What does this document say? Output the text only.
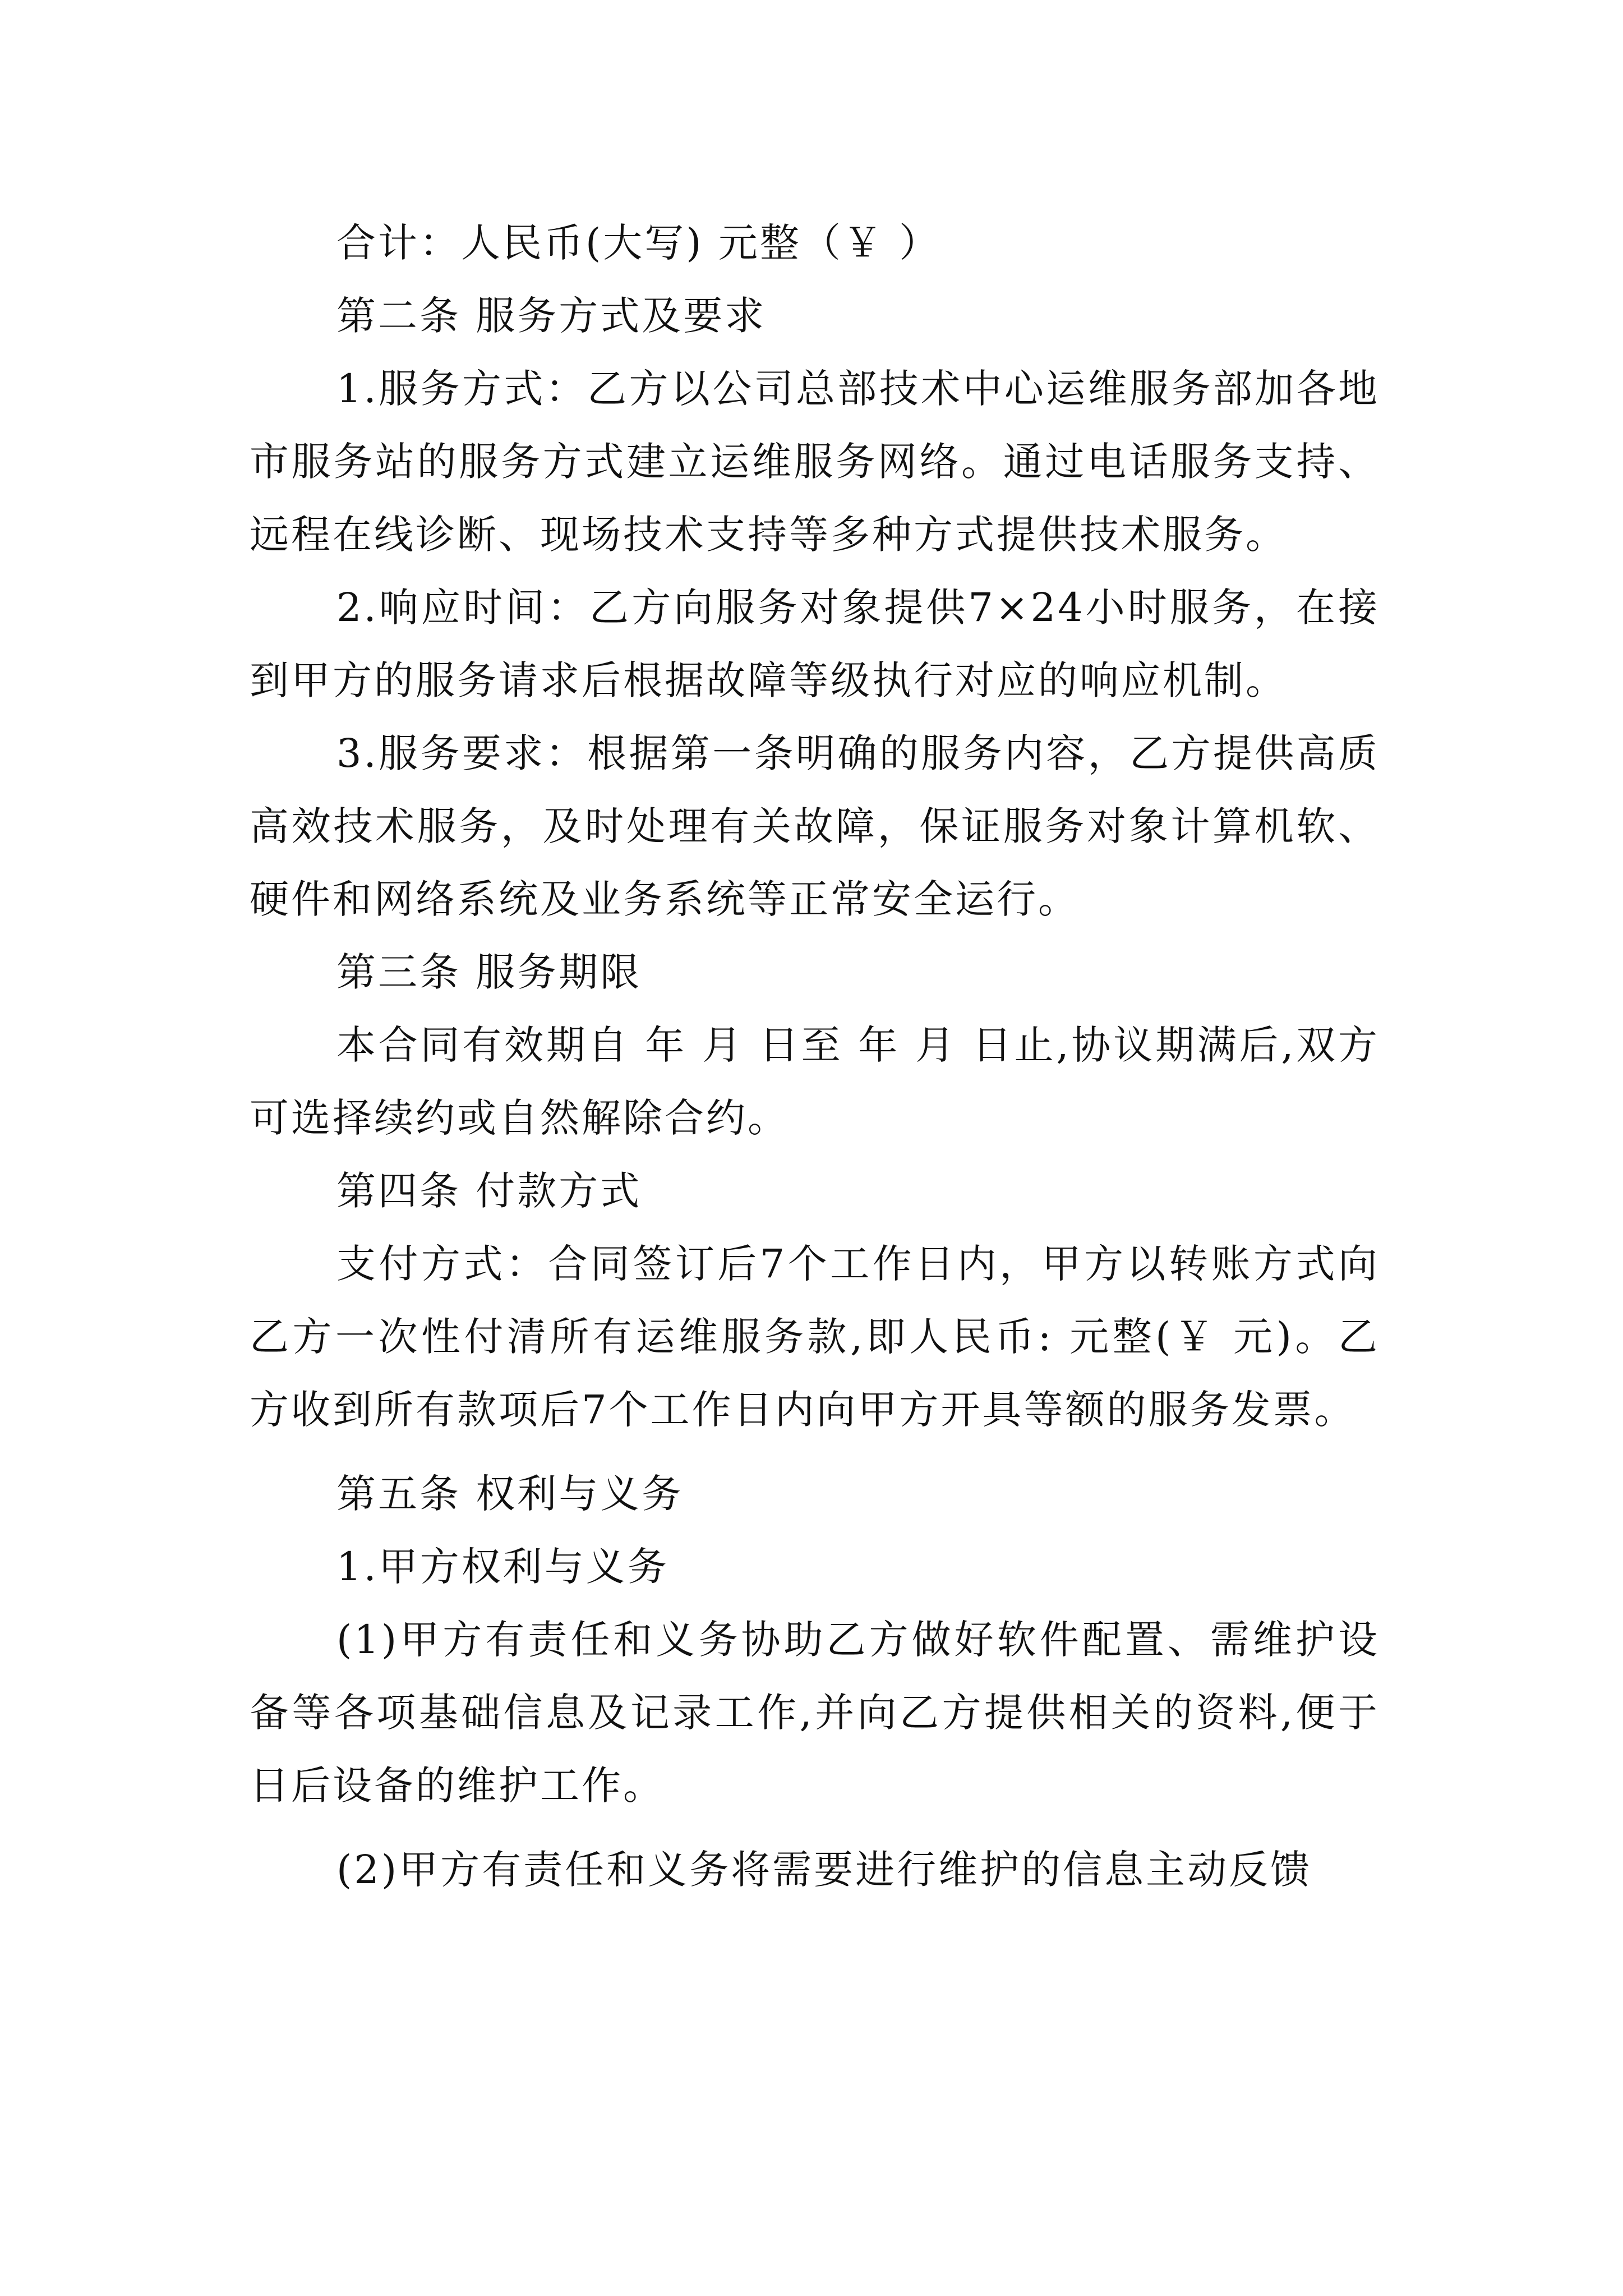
合计：人民币(大写) 元整（￥ ）

第二条 服务方式及要求

1.服务方式：乙方以公司总部技术中心运维服务部加各地市服务站的服务方式建立运维服务网络。通过电话服务支持、远程在线诊断、现场技术支持等多种方式提供技术服务。

2.响应时间：乙方向服务对象提供7×24小时服务，在接到甲方的服务请求后根据故障等级执行对应的响应机制。

3.服务要求：根据第一条明确的服务内容，乙方提供高质高效技术服务，及时处理有关故障，保证服务对象计算机软、硬件和网络系统及业务系统等正常安全运行。

第三条 服务期限

本合同有效期自 年 月 日至 年 月 日止,协议期满后,双方可选择续约或自然解除合约。

第四条 付款方式

支付方式：合同签订后7个工作日内，甲方以转账方式向乙方一次性付清所有运维服务款,即人民币: 元整(￥ 元)。乙方收到所有款项后7个工作日内向甲方开具等额的服务发票。

第五条 权利与义务

1.甲方权利与义务

(1)甲方有责任和义务协助乙方做好软件配置、需维护设备等各项基础信息及记录工作,并向乙方提供相关的资料,便于日后设备的维护工作。

(2)甲方有责任和义务将需要进行维护的信息主动反馈
